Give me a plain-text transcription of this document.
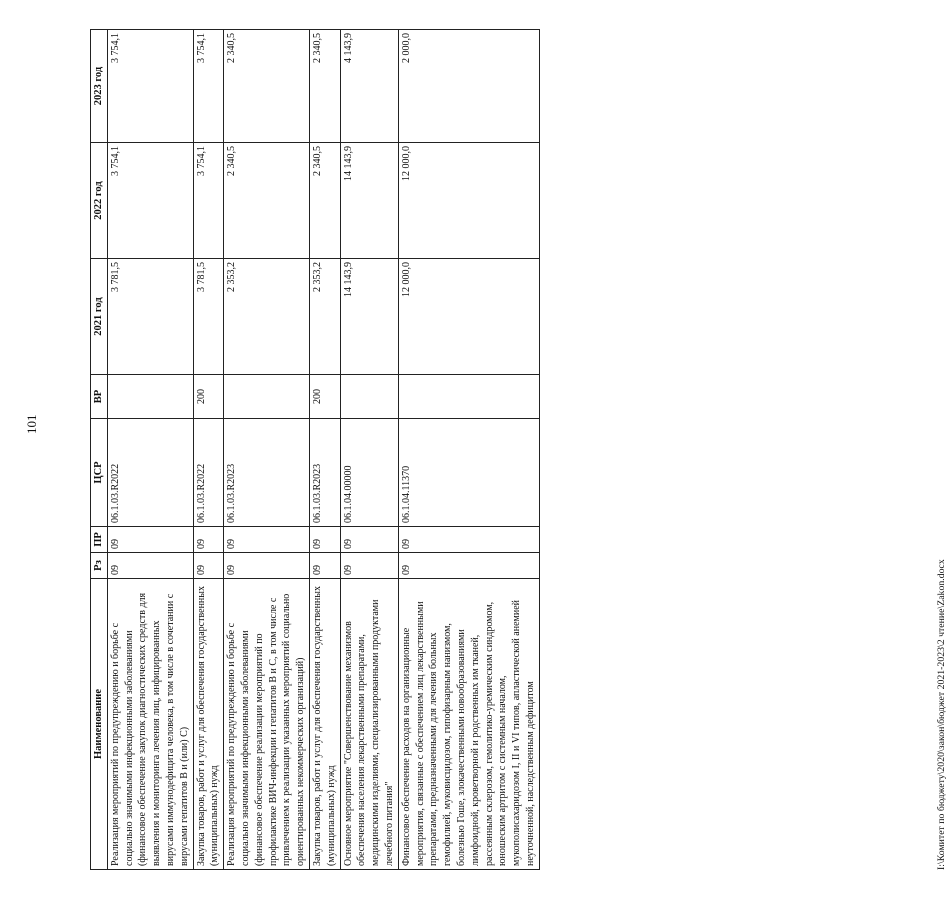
101
Наименование	Рз	ПР	ЦСР	ВР	2021 год	2022 год	2023 год
Реализация мероприятий по предупреждению и борьбе с социально значимыми инфекционными заболеваниями (финансовое обеспечение закупок диагностических средств для выявления и мониторинга лечения лиц, инфицированных вирусами иммунодефицита человека, в том числе в сочетании с вирусами гепатитов B и (или) C)	09	09	06.1.03.R2022		3 781,5	3 754,1	3 754,1
Закупка товаров, работ и услуг для обеспечения государственных (муниципальных) нужд	09	09	06.1.03.R2022	200	3 781,5	3 754,1	3 754,1
Реализация мероприятий по предупреждению и борьбе с социально значимыми инфекционными заболеваниями (финансовое обеспечение реализации мероприятий по профилактике ВИЧ-инфекции и гепатитов B и C, в том числе с привлечением к реализации указанных мероприятий социально ориентированных некоммерческих организаций)	09	09	06.1.03.R2023		2 353,2	2 340,5	2 340,5
Закупка товаров, работ и услуг для обеспечения государственных (муниципальных) нужд	09	09	06.1.03.R2023	200	2 353,2	2 340,5	2 340,5
Основное мероприятие "Совершенствование механизмов обеспечения населения лекарственными препаратами, медицинскими изделиями, специализированными продуктами лечебного питания"	09	09	06.1.04.00000		14 143,9	14 143,9	4 143,9
Финансовое обеспечение расходов на организационные мероприятия, связанные с обеспечением лиц лекарственными препаратами, предназначенными для лечения больных гемофилией, муковисцидозом, гипофизарным нанизмом, болезнью Гоше, злокачественными новообразованиями лимфоидной, кроветворной и родственных им тканей, рассеянным склерозом, гемолитико-уремическим синдромом, юношеским артритом с системным началом, мукополисахаридозом I, II и VI типов, апластической анемией неуточненной, наследственным дефицитом	09	09	06.1.04.11370		12 000,0	12 000,0	2 000,0
I:\Комитет по бюджету\2020\закон\бюджет 2021-2023\2 чтение\Zakon.docx
